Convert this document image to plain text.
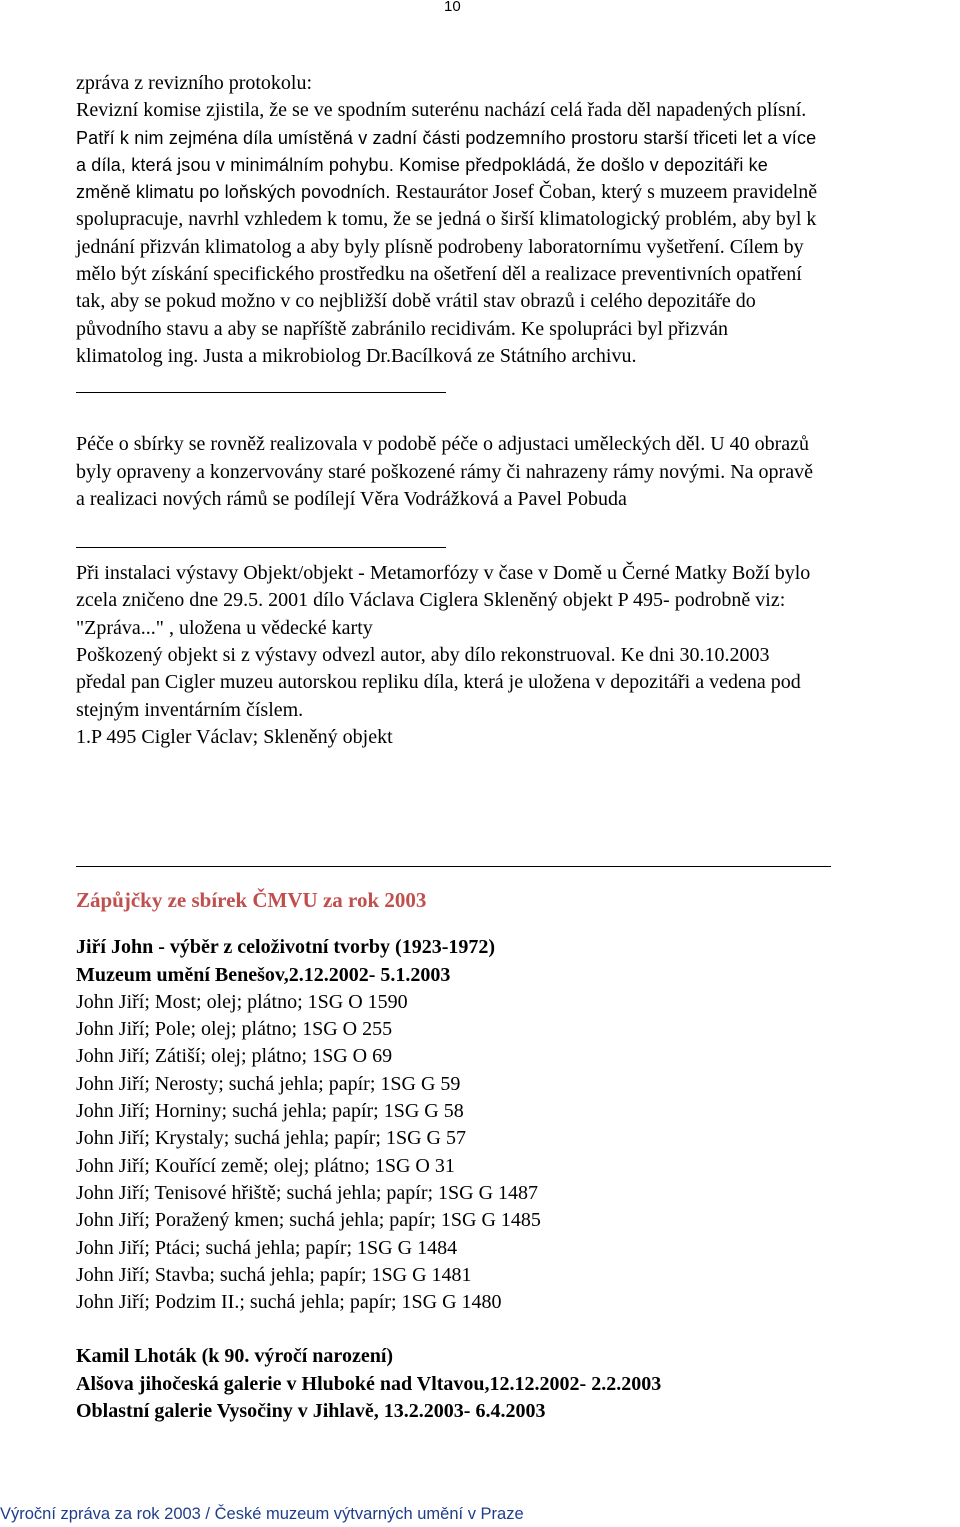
10
zpráva z revizního protokolu:
Revizní komise zjistila, že se ve spodním suterénu nachází celá řada děl napadených plísní.
Patří k nim zejména díla umístěná v zadní části podzemního prostoru starší třiceti let a více
a díla, která jsou v minimálním pohybu. Komise předpokládá, že došlo v depozitáři ke
změně klimatu po loňských povodních. Restaurátor Josef Čoban, který s muzeem pravidelně
spolupracuje, navrhl vzhledem k tomu, že se jedná o širší klimatologický problém, aby byl k
jednání přizván klimatolog a aby byly plísně podrobeny laboratornímu vyšetření. Cílem by
mělo být získání specifického prostředku na ošetření děl a realizace preventivních opatření
tak, aby se pokud možno v co nejbližší době vrátil stav obrazů i celého depozitáře do
původního stavu a aby se napříště zabránilo recidivám. Ke spolupráci byl přizván
klimatolog ing. Justa a mikrobiolog Dr.Bacílková ze Státního archivu.
Péče o sbírky se rovněž realizovala v podobě péče o adjustaci uměleckých děl. U 40 obrazů
byly opraveny a konzervovány staré poškozené rámy či nahrazeny rámy novými. Na opravě
a realizaci nových rámů se podílejí Věra Vodrážková a Pavel Pobuda
Při instalaci výstavy Objekt/objekt - Metamorfózy v čase v Domě u Černé Matky Boží bylo
zcela zničeno dne 29.5. 2001 dílo Václava Ciglera Skleněný objekt P 495- podrobně viz:
"Zpráva..." , uložena u vědecké karty
Poškozený objekt si z výstavy odvezl autor, aby dílo rekonstruoval. Ke dni 30.10.2003
předal pan Cigler muzeu autorskou repliku díla, která je uložena v depozitáři a vedena pod
stejným inventárním číslem.
1.P 495 Cigler Václav; Skleněný objekt
Zápůjčky ze sbírek ČMVU za rok 2003
Jiří John - výběr z celoživotní tvorby (1923-1972)
Muzeum umění Benešov,2.12.2002- 5.1.2003
John Jiří; Most; olej; plátno; 1SG O 1590
John Jiří; Pole; olej; plátno; 1SG O 255
John Jiří; Zátiší; olej; plátno; 1SG O 69
John Jiří; Nerosty; suchá jehla; papír; 1SG G 59
John Jiří; Horniny; suchá jehla; papír; 1SG G 58
John Jiří; Krystaly; suchá jehla; papír; 1SG G 57
John Jiří; Kouřící země; olej; plátno; 1SG O 31
John Jiří; Tenisové hřiště; suchá jehla; papír; 1SG G 1487
John Jiří; Poražený kmen; suchá jehla; papír; 1SG G 1485
John Jiří; Ptáci; suchá jehla; papír; 1SG G 1484
John Jiří; Stavba; suchá jehla; papír; 1SG G 1481
John Jiří; Podzim II.; suchá jehla; papír; 1SG G 1480
Kamil Lhoták (k 90. výročí narození)
Alšova jihočeská galerie v Hluboké nad Vltavou,12.12.2002- 2.2.2003
Oblastní galerie Vysočiny v Jihlavě, 13.2.2003- 6.4.2003
Výroční zpráva za rok 2003 / České muzeum výtvarných umění v Praze
